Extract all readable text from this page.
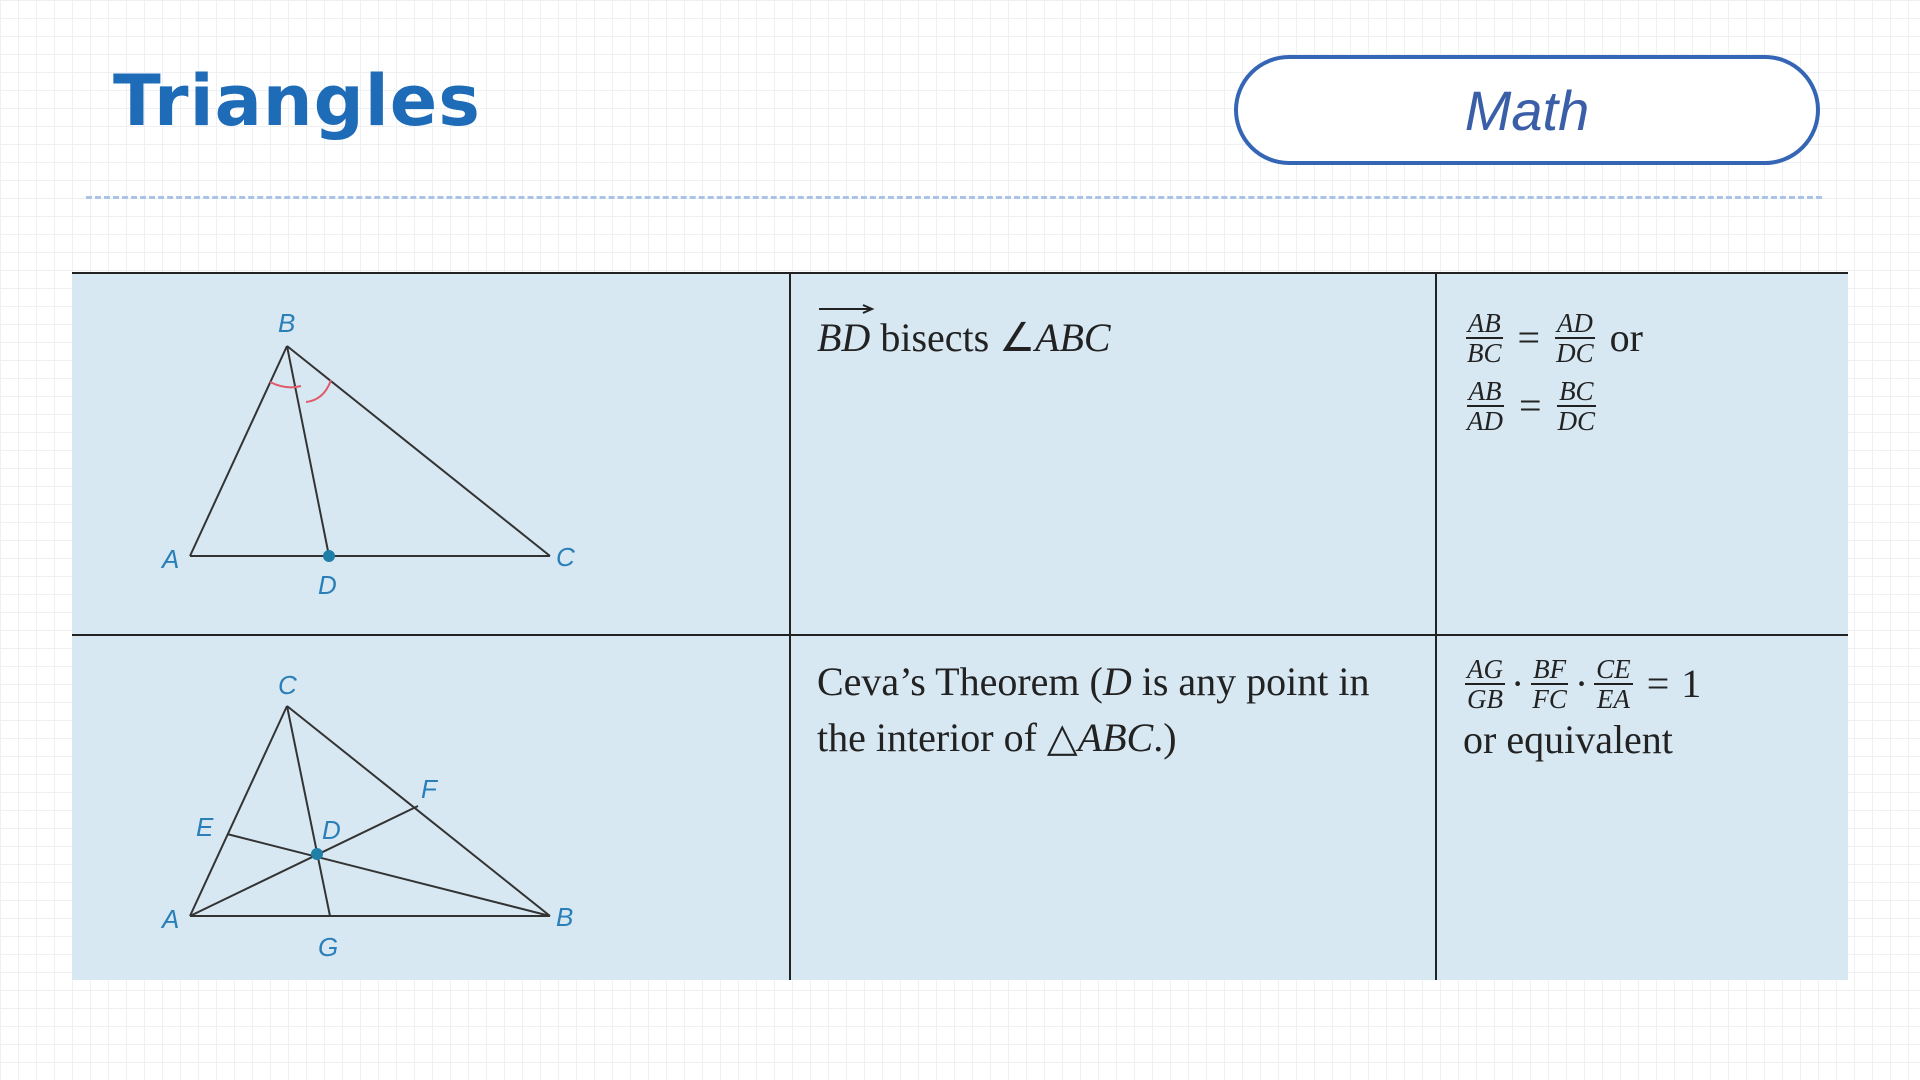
Triangles	Math
B
A
D
C
BD bisects ∠ABC	$\frac{AB}{BC} = \frac{AD}{DC}$ or
$\frac{AB}{AD} = \frac{BC}{DC}$
C
E
F
D
A
G
B
Ceva’s Theorem (D is any point in
the interior of △ABC.)
$\frac{AG}{GB} \cdot \frac{BF}{FC} \cdot \frac{CE}{EA} = 1$
or equivalent
